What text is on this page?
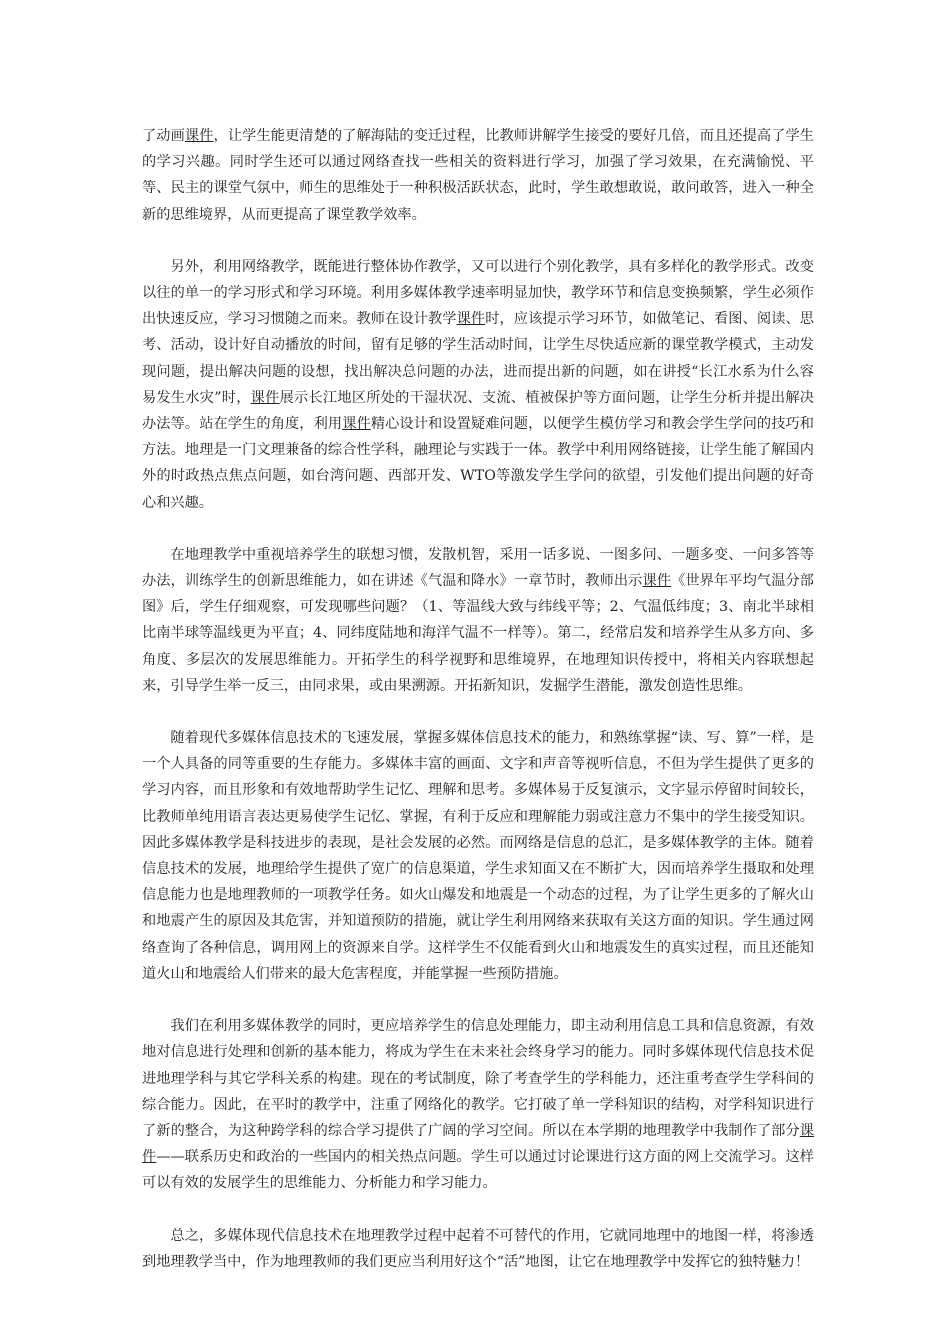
了动画课件，让学生能更清楚的了解海陆的变迁过程，比教师讲解学生接受的要好几倍，而且还提高了学生的学习兴趣。同时学生还可以通过网络查找一些相关的资料进行学习，加强了学习效果，在充满愉悦、平等、民主的课堂气氛中，师生的思维处于一种积极活跃状态，此时，学生敢想敢说，敢问敢答，进入一种全新的思维境界，从而更提高了课堂教学效率。

另外，利用网络教学，既能进行整体协作教学，又可以进行个别化教学，具有多样化的教学形式。改变以往的单一的学习形式和学习环境。利用多媒体教学速率明显加快，教学环节和信息变换频繁，学生必须作出快速反应，学习习惯随之而来。教师在设计教学课件时，应该提示学习环节，如做笔记、看图、阅读、思考、活动，设计好自动播放的时间，留有足够的学生活动时间，让学生尽快适应新的课堂教学模式，主动发现问题，提出解决问题的设想，找出解决总问题的办法，进而提出新的问题，如在讲授“长江水系为什么容易发生水灾”时，课件展示长江地区所处的干湿状况、支流、植被保护等方面问题，让学生分析并提出解决办法等。站在学生的角度，利用课件精心设计和设置疑难问题，以便学生模仿学习和教会学生学问的技巧和方法。地理是一门文理兼备的综合性学科，融理论与实践于一体。教学中利用网络链接，让学生能了解国内外的时政热点焦点问题，如台湾问题、西部开发、WTO等激发学生学问的欲望，引发他们提出问题的好奇心和兴趣。

在地理教学中重视培养学生的联想习惯，发散机智，采用一话多说、一图多问、一题多变、一问多答等办法，训练学生的创新思维能力，如在讲述《气温和降水》一章节时，教师出示课件《世界年平均气温分部图》后，学生仔细观察，可发现哪些问题？（1、等温线大致与纬线平等；2、气温低纬度；3、南北半球相比南半球等温线更为平直；4、同纬度陆地和海洋气温不一样等）。第二，经常启发和培养学生从多方向、多角度、多层次的发展思维能力。开拓学生的科学视野和思维境界，在地理知识传授中，将相关内容联想起来，引导学生举一反三，由同求果，或由果溯源。开拓新知识，发掘学生潜能，激发创造性思维。

随着现代多媒体信息技术的飞速发展，掌握多媒体信息技术的能力，和熟练掌握“读、写、算”一样，是一个人具备的同等重要的生存能力。多媒体丰富的画面、文字和声音等视听信息，不但为学生提供了更多的学习内容，而且形象和有效地帮助学生记忆、理解和思考。多媒体易于反复演示，文字显示停留时间较长，比教师单纯用语言表达更易使学生记忆、掌握，有利于反应和理解能力弱或注意力不集中的学生接受知识。因此多媒体教学是科技进步的表现，是社会发展的必然。而网络是信息的总汇，是多媒体教学的主体。随着信息技术的发展，地理给学生提供了宽广的信息渠道，学生求知面又在不断扩大，因而培养学生摄取和处理信息能力也是地理教师的一项教学任务。如火山爆发和地震是一个动态的过程，为了让学生更多的了解火山和地震产生的原因及其危害，并知道预防的措施，就让学生利用网络来获取有关这方面的知识。学生通过网络查询了各种信息，调用网上的资源来自学。这样学生不仅能看到火山和地震发生的真实过程，而且还能知道火山和地震给人们带来的最大危害程度，并能掌握一些预防措施。

我们在利用多媒体教学的同时，更应培养学生的信息处理能力，即主动利用信息工具和信息资源，有效地对信息进行处理和创新的基本能力，将成为学生在未来社会终身学习的能力。同时多媒体现代信息技术促进地理学科与其它学科关系的构建。现在的考试制度，除了考查学生的学科能力，还注重考查学生学科间的综合能力。因此，在平时的教学中，注重了网络化的教学。它打破了单一学科知识的结构，对学科知识进行了新的整合，为这种跨学科的综合学习提供了广阔的学习空间。所以在本学期的地理教学中我制作了部分课件——联系历史和政治的一些国内的相关热点问题。学生可以通过讨论课进行这方面的网上交流学习。这样可以有效的发展学生的思维能力、分析能力和学习能力。

总之，多媒体现代信息技术在地理教学过程中起着不可替代的作用，它就同地理中的地图一样，将渗透到地理教学当中，作为地理教师的我们更应当利用好这个“活”地图，让它在地理教学中发挥它的独特魅力！
